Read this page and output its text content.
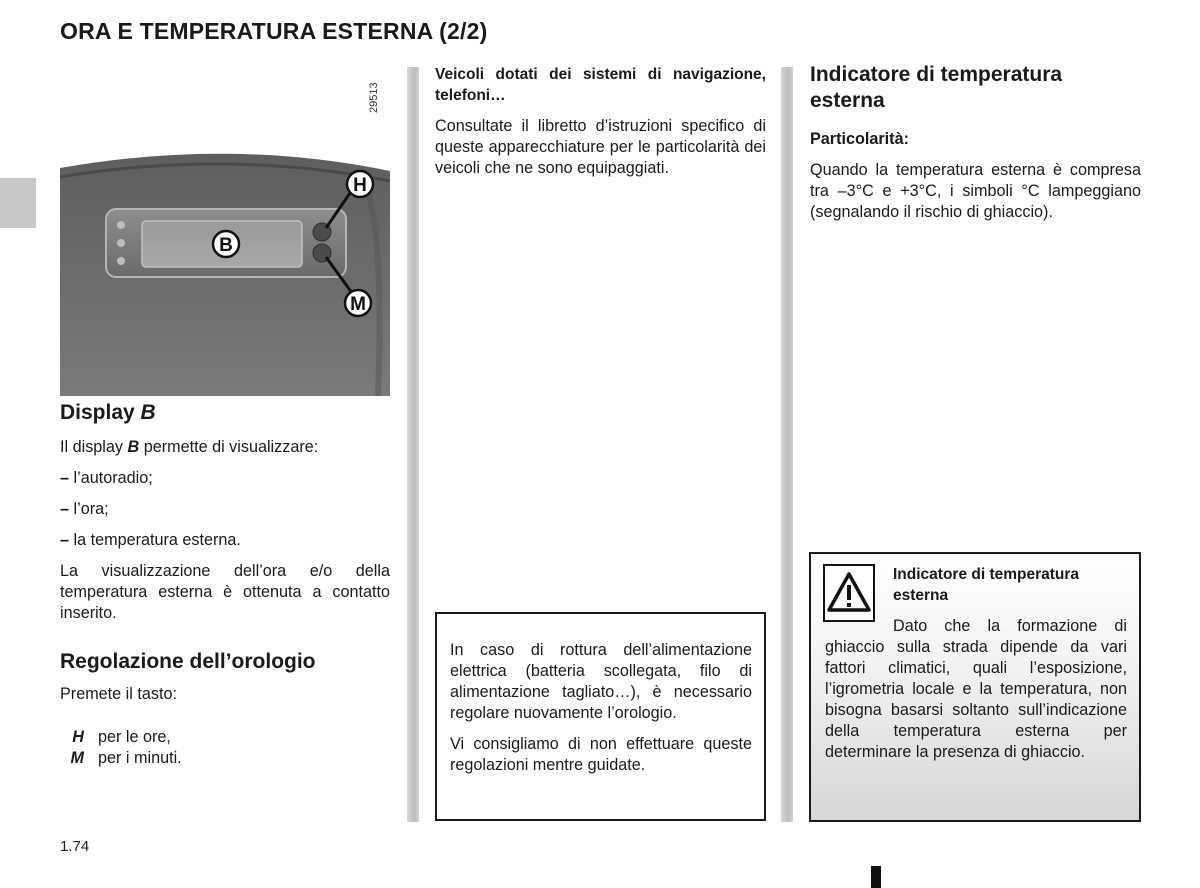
ORA E TEMPERATURA ESTERNA (2/2)
29513
H
M
B
Display B

Il display B permette di visualizzare:

– l’autoradio;

– l’ora;

– la temperatura esterna.

La visualizzazione dell’ora e/o della temperatura esterna è ottenuta a contatto inserito.

Regolazione dell’orologio

Premete il tasto:

H per le ore,
M per i minuti.

Veicoli dotati dei sistemi di navigazione, telefoni…

Consultate il libretto d’istruzioni specifico di queste apparecchiature per le particolarità dei veicoli che ne sono equipaggiati.

In caso di rottura dell’alimentazione elettrica (batteria scollegata, filo di alimentazione tagliato…), è necessario regolare nuovamente l’orologio.

Vi consigliamo di non effettuare queste regolazioni mentre guidate.

Indicatore di temperatura esterna

Particolarità:

Quando la temperatura esterna è compresa tra –3°C e +3°C, i simboli °C lampeggiano (segnalando il rischio di ghiaccio).

Indicatore di temperatura esterna

Dato che la formazione di ghiaccio sulla strada dipende da vari fattori climatici, quali l’esposizione, l’igrometria locale e la temperatura, non bisogna basarsi soltanto sull’indicazione della temperatura esterna per determinare la presenza di ghiaccio.

1.74
